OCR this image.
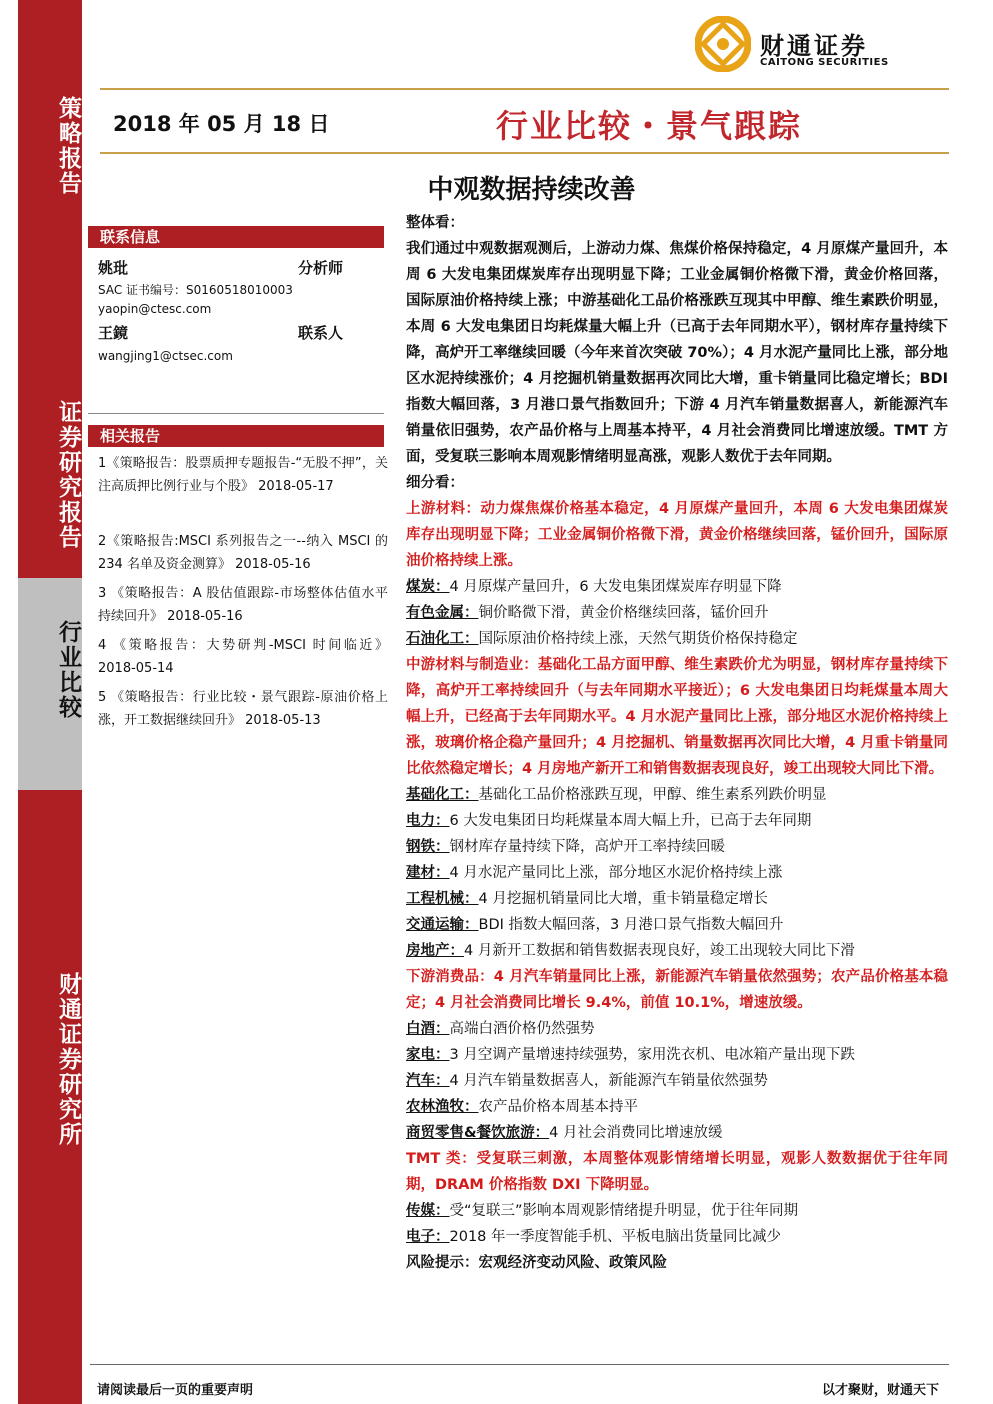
策略报告
证券研究报告
行业比较
财通证券研究所
财通证券
CAITONG SECURITIES
2018 年 05 月 18 日	行业比较・景气跟踪
中观数据持续改善
联系信息
姚玭	分析师
SAC 证书编号：S0160518010003
yaopin@ctesc.com
王鏡	联系人
wangjing1@ctsec.com
相关报告
1《策略报告：股票质押专题报告-“无股不押”，关注高质押比例行业与个股》 2018-05-17
2《策略报告:MSCI 系列报告之一--纳入 MSCI 的 234 名单及资金测算》 2018-05-16
3 《策略报告：A 股估值跟踪-市场整体估值水平持续回升》 2018-05-16
4 《策略报告：大势研判-MSCI 时间临近》 2018-05-14
5 《策略报告：行业比较・景气跟踪-原油价格上涨，开工数据继续回升》 2018-05-13

整体看：

我们通过中观数据观测后，上游动力煤、焦煤价格保持稳定，4 月原煤产量回升，本周 6 大发电集团煤炭库存出现明显下降；工业金属铜价格微下滑，黄金价格回落，国际原油价格持续上涨；中游基础化工品价格涨跌互现其中甲醇、维生素跌价明显，本周 6 大发电集团日均耗煤量大幅上升（已高于去年同期水平），钢材库存量持续下降，高炉开工率继续回暖（今年来首次突破 70%）；4 月水泥产量同比上涨，部分地区水泥持续涨价；4 月挖掘机销量数据再次同比大增，重卡销量同比稳定增长；BDI 指数大幅回落，3 月港口景气指数回升；下游 4 月汽车销量数据喜人，新能源汽车销量依旧强势，农产品价格与上周基本持平，4 月社会消费同比增速放缓。TMT 方面，受复联三影响本周观影情绪明显高涨，观影人数优于去年同期。

细分看：

上游材料：动力煤焦煤价格基本稳定，4 月原煤产量回升，本周 6 大发电集团煤炭库存出现明显下降；工业金属铜价格微下滑，黄金价格继续回落，锰价回升，国际原油价格持续上涨。

煤炭：4 月原煤产量回升，6 大发电集团煤炭库存明显下降

有色金属：铜价略微下滑，黄金价格继续回落，锰价回升

石油化工：国际原油价格持续上涨，天然气期货价格保持稳定

中游材料与制造业：基础化工品方面甲醇、维生素跌价尤为明显，钢材库存量持续下降，高炉开工率持续回升（与去年同期水平接近）；6 大发电集团日均耗煤量本周大幅上升，已经高于去年同期水平。4 月水泥产量同比上涨，部分地区水泥价格持续上涨，玻璃价格企稳产量回升；4 月挖掘机、销量数据再次同比大增，4 月重卡销量同比依然稳定增长；4 月房地产新开工和销售数据表现良好，竣工出现较大同比下滑。

基础化工：基础化工品价格涨跌互现，甲醇、维生素系列跌价明显

电力：6 大发电集团日均耗煤量本周大幅上升，已高于去年同期

钢铁：钢材库存量持续下降，高炉开工率持续回暖

建材：4 月水泥产量同比上涨，部分地区水泥价格持续上涨

工程机械：4 月挖掘机销量同比大增，重卡销量稳定增长

交通运输：BDI 指数大幅回落，3 月港口景气指数大幅回升

房地产：4 月新开工数据和销售数据表现良好，竣工出现较大同比下滑

下游消费品：4 月汽车销量同比上涨，新能源汽车销量依然强势；农产品价格基本稳定；4 月社会消费同比增长 9.4%，前值 10.1%，增速放缓。

白酒：高端白酒价格仍然强势

家电：3 月空调产量增速持续强势，家用洗衣机、电冰箱产量出现下跌

汽车：4 月汽车销量数据喜人，新能源汽车销量依然强势

农林渔牧：农产品价格本周基本持平

商贸零售&餐饮旅游：4 月社会消费同比增速放缓

TMT 类：受复联三刺激，本周整体观影情绪增长明显，观影人数数据优于往年同期，DRAM 价格指数 DXI 下降明显。

传媒：受“复联三”影响本周观影情绪提升明显，优于往年同期

电子：2018 年一季度智能手机、平板电脑出货量同比减少

风险提示：宏观经济变动风险、政策风险

请阅读最后一页的重要声明	以才聚财，财通天下
